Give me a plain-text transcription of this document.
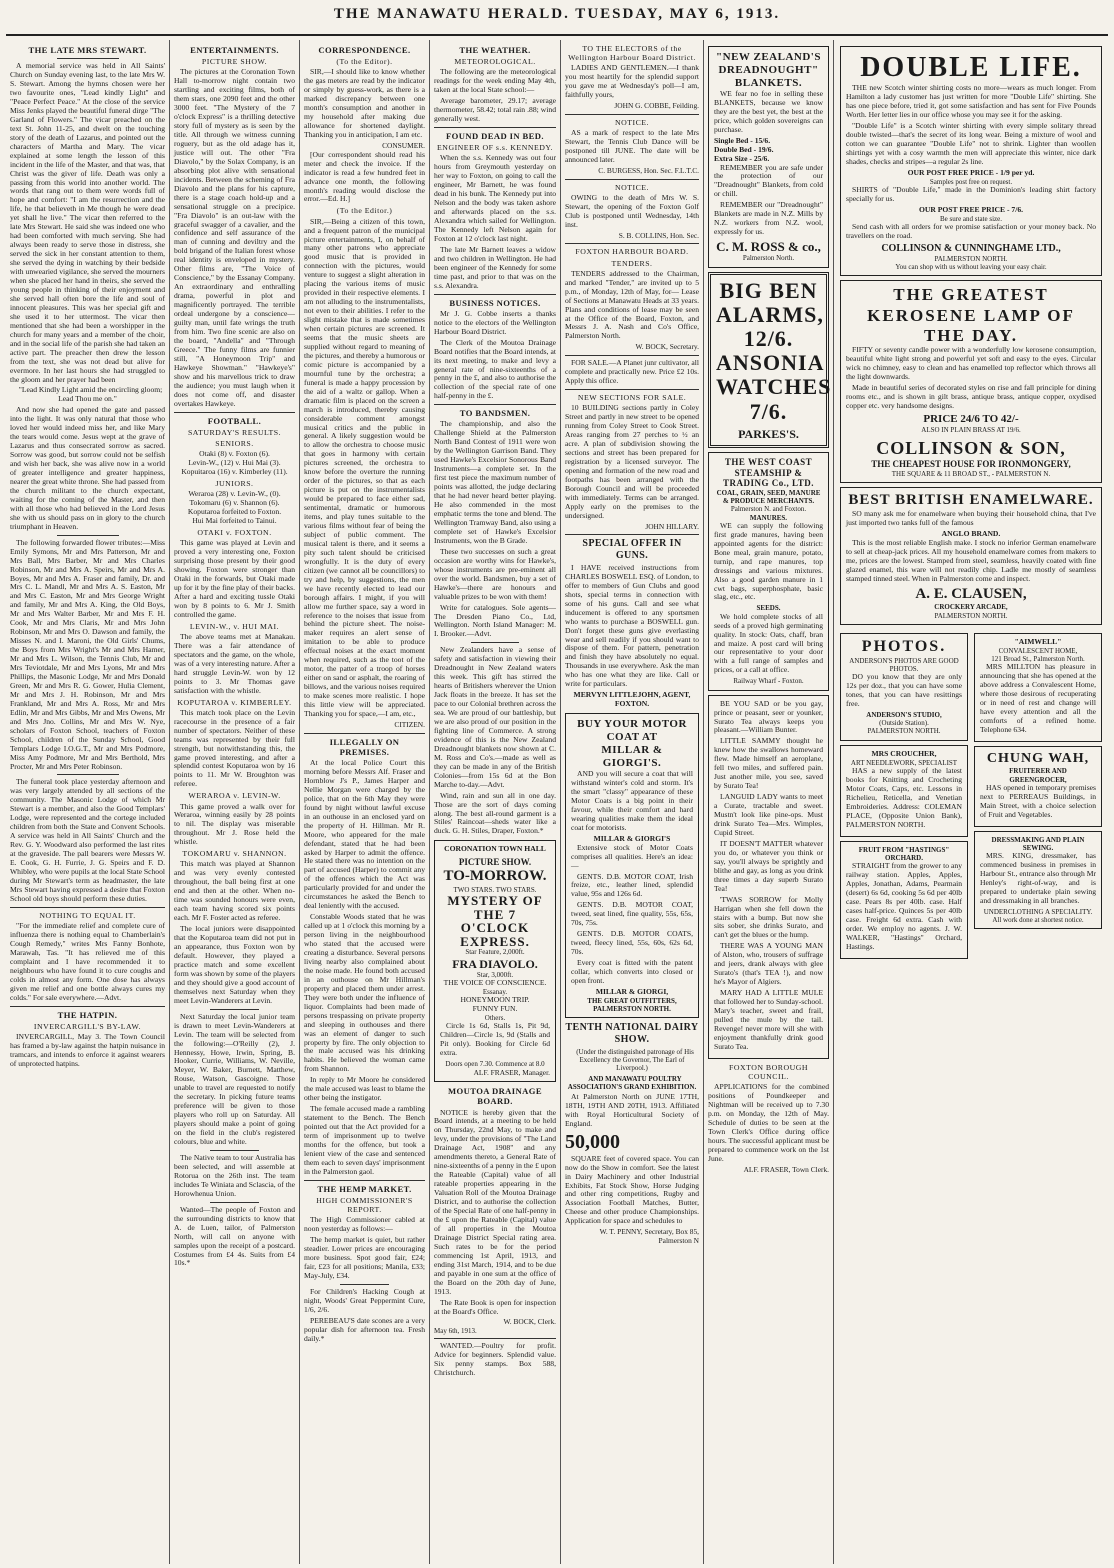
THE MANAWATU HERALD. TUESDAY, MAY 6, 1913.
THE LATE MRS STEWART.

A memorial service was held in All Saints' Church on Sunday evening last, to the late Mrs W. S. Stewart. Among the hymns chosen were her two favourite ones, "Lead kindly Light" and "Peace Perfect Peace." At the close of the service Miss Jenks played the beautiful funeral dirge "The Garland of Flowers." The vicar preached on the text St. John 11-25, and dwelt on the touching story of the death of Lazarus, and pointed out the characters of Martha and Mary. The vicar explained at some length the lesson of this incident in the life of the Master, and that was, that Christ was the giver of life. Death was only a passing from this world into another world. The words that rang out to them were words full of hope and comfort: "I am the resurrection and the life, he that believeth in Me though he were dead yet shall he live." The vicar then referred to the late Mrs Stewart. He said she was indeed one who had been comforted with much serving. She had always been ready to serve those in distress, she served the sick in her constant attention to them, she served the dying in watching by their bedside with unwearied vigilance, she served the mourners when she placed her hand in theirs, she served the young people in thinking of their enjoyment and she served hall often bore the life and soul of innocent pleasures. This was her special gift and she used it to her uttermost. The vicar then mentioned that she had been a worshipper in the church for many years and a member of the choir, and in the social life of the parish she had taken an active part. The preacher then drew the lesson from the text, she was not dead but alive for evermore. In her last hours she had struggled to the gloom and her prayer had been

"Lead Kindly Light amid the encircling gloom; Lead Thou me on."

And now she had opened the gate and passed into the light. It was only natural that those who loved her would indeed miss her, and like Mary the tears would come. Jesus wept at the grave of Lazarus and thus consecrated sorrow as sacred. Sorrow was good, but sorrow could not be selfish and wish her back, she was alive now in a world of greater intelligence and greater happiness, nearer the great white throne. She had passed from the church militant to the church expectant, waiting for the coming of the Master, and then with all those who had believed in the Lord Jesus she with us should pass on in glory to the church triumphant in Heaven.

The following forwarded flower tributes:—Miss Emily Symons, Mr and Mrs Patterson, Mr and Mrs Ball, Mrs Barber, Mr and Mrs Charles Robinson, Mr and Mrs A. Speirs, Mr and Mrs A. Boyes, Mr and Mrs A. Fraser and family, Dr. and Mrs C. L. Mandl, Mr and Mrs A. S. Easton, Mr and Mrs C. Easton, Mr and Mrs George Wright and family, Mr and Mrs A. King, the Old Boys, Mr and Mrs Walter Barber, Mr and Mrs F. H. Cook, Mr and Mrs Claris, Mr and Mrs John Robinson, Mr and Mrs O. Dawson and family, the Misses N. and I. Maroni, the Old Girls' Chums, the Boys from Mrs Wright's Mr and Mrs Hamer, Mr and Mrs L. Wilson, the Tennis Club, Mr and Mrs Teviotdale, Mr and Mrs Lyons, Mr and Mrs Phillips, the Masonic Lodge, Mr and Mrs Donald Green, Mr and Mrs R. G. Gower, Hulia Clement, Mr and Mrs J. H. Robinson, Mr and Mrs Frankland, Mr and Mrs A. Ross, Mr and Mrs Edlin, Mr and Mrs Gibbs, Mr and Mrs Owens, Mr and Mrs Jno. Collins, Mr and Mrs W. Nye, scholars of Foxton School, teachers of Foxton School, children of the Sunday School, Good Templars Lodge I.O.G.T., Mr and Mrs Podmore, Miss Amy Podmore, Mr and Mrs Berthold, Mrs Procter, Mr and Mrs Peter Robinson.

The funeral took place yesterday afternoon and was very largely attended by all sections of the community. The Masonic Lodge of which Mr Stewart is a member, and also the Good Templars' Lodge, were represented and the cortege included children from both the State and Convent Schools. A service was held in All Saints' Church and the Rev. G. Y. Woodward also performed the last rites at the graveside. The pall bearers were Messrs W. E. Cook, G. H. Furrie, J. G. Speirs and F. D. Whibley, who were pupils at the local State School during Mr Stewart's term as headmaster, the late Mrs Stewart having expressed a desire that Foxton School old boys should perform these duties.

NOTHING TO EQUAL IT.

"For the immediate relief and complete cure of influenza there is nothing equal to Chamberlain's Cough Remedy," writes Mrs Fanny Bonhote, Marawah, Tas. "It has relieved me of this complaint and I have recommended it to neighbours who have found it to cure coughs and colds in almost any form. One dose has always given me relief and one bottle always cures my colds." For sale everywhere.—Advt.

THE HATPIN.
INVERCARGILL'S BY-LAW.

INVERCARGILL, May 3. The Town Council has framed a by-law against the hatpin nuisance in tramcars, and intends to enforce it against wearers of unprotected hatpins.

ENTERTAINMENTS.
PICTURE SHOW.

The pictures at the Coronation Town Hall to-morrow night contain two startling and exciting films, both of them stars, one 2090 feet and the other 3000 feet. "The Mystery of the 7 o'clock Express" is a thrilling detective story full of mystery as is seen by the title. All through we witness cunning roguery, but as the old adage has it, justice will out. The other "Fra Diavolo," by the Solax Company, is an absorbing plot alive with sensational incidents. Between the scheming of Fra Diavolo and the plans for his capture, there is a stage coach hold-up and a sensational struggle on a precipice. "Fra Diavolo" is an out-law with the graceful swagger of a cavalier, and the confidence and self assurance of the man of cunning and deviltry and the bold brigand of the Italian forest whose real identity is enveloped in mystery. Other films are, "The Voice of Conscience," by the Essanay Company. An extraordinary and enthralling drama, powerful in plot and magnificently portrayed. The terrible ordeal undergone by a conscience—guilty man, until fate wrings the truth from him. Two fine scenic are also on the board, "Andella" and "Through Greece." The funny films are funnier still, "A Honeymoon Trip" and Hawkeye Showman." "Hawkeye's" show and his marvellous trick to draw the audience; you must laugh when it does not come off, and disaster overtakes Hawkeye.

FOOTBALL.
SATURDAY'S RESULTS.
SENIORS.
Otaki (8) v. Foxton (6).
Levin-W., (12) v. Hui Mai (3).
Kopuitaroa (16) v. Kimberley (11).
JUNIORS.
Weraroa (28) v. Levin-W., (0).
Tokomaru (6) v. Shannon (6).
Koputaroa forfeited to Foxton.
Hui Mai forfeited to Tainui.
OTAKI v. FOXTON.

This game was played at Levin and proved a very interesting one, Foxton surprising those present by their good showing. Foxton were stronger than Otaki in the forwards, but Otaki made up for it by the fine play of their backs. After a hard and exciting tussle Otaki won by 8 points to 6. Mr J. Smith controlled the game.

LEVIN-W., v. HUI MAI.

The above teams met at Manakau. There was a fair attendance of spectators and the game, on the whole, was of a very interesting nature. After a hard struggle Levin-W. won by 12 points to 3. Mr Thomas gave satisfaction with the whistle.

KOPUTAROA v. KIMBERLEY.

This match took place on the Levin racecourse in the presence of a fair number of spectators. Neither of these teams was represented by their full strength, but notwithstanding this, the game proved interesting, and after a splendid contest Koputaroa won by 16 points to 11. Mr W. Broughton was referee.

WERAROA v. LEVIN-W.

This game proved a walk over for Weraroa, winning easily by 28 points to nil. The display was miserable throughout. Mr J. Rose held the whistle.

TOKOMARU v. SHANNON.

This match was played at Shannon and was very evenly contested throughout, the ball being first at one end and then at the other. When no-time was sounded honours were even, each team having scored six points each. Mr F. Foster acted as referee.

The local juniors were disappointed that the Koputaroa team did not put in an appearance, thus Foxton won by default. However, they played a practice match and some excellent form was shown by some of the players and they should give a good account of themselves next Saturday when they meet Levin-Wanderers at Levin.

Next Saturday the local junior team is drawn to meet Levin-Wanderers at Levin. The team will be selected from the following:—O'Reilly (2), J. Hennessy, Howe, Irwin, Spring, B. Hooker, Currie, Williams, W. Neville, Meyer, W. Baker, Burnett, Matthew, Rouse, Watson, Gascoigne. Those unable to travel are requested to notify the secretary. In picking future teams preference will be given to those players who roll up on Saturday. All players should make a point of going on the field in the club's registered colours, blue and white.

The Native team to tour Australia has been selected, and will assemble at Rotorua on the 26th inst. The team includes Te Winiata and Sclascia, of the Horowhenua Union.

Wanted—The people of Foxton and the surrounding districts to know that A. de Luen, tailor, of Palmerston North, will call on anyone with samples upon the receipt of a postcard. Costumes from £4 4s. Suits from £4 10s.*

CORRESPONDENCE.
(To the Editor).

SIR,—I should like to know whether the gas meters are read by the indicator or simply by guess-work, as there is a marked discrepancy between one month's consumption and another in my household after making due allowance for shortened daylight. Thanking you in anticipation, I am etc.

CONSUMER.

[Our correspondent should read his meter and check the invoice. If the indicator is read a few hundred feet in advance one month, the following month's reading would disclose the error.—Ed. H.]

(To the Editor.)

SIR,—Being a citizen of this town, and a frequent patron of the municipal picture entertainments, I, on behalf of many other patrons who appreciate good music that is provided in connection with the pictures, would venture to suggest a slight alteration in placing the various items of music provided in their respective elements. I am not alluding to the instrumentalists, not even to their abilities. I refer to the slight mistake that is made sometimes when certain pictures are screened. It seems that the music sheets are supplied without regard to meaning of the pictures, and thereby a humorous or comic picture is accompanied by a mournful tune by the orchestra; a funeral is made a happy procession by the aid of a waltz or gallop. When a dramatic film is placed on the screen a march is introduced, thereby causing considerable comment amongst musical critics and the public in general. A likely suggestion would be to allow the orchestra to choose music that goes in harmony with certain pictures screened, the orchestra to know before the overture the running order of the pictures, so that as each picture is put on the instrumentalists would be prepared to face either sad, sentimental, dramatic or humorous items, and play tunes suitable to the various films without fear of being the subject of public comment. The musical talent is there, and it seems a pity such talent should be criticised wrongfully. It is the duty of every citizen (we cannot all be councillors) to try and help, by suggestions, the men we have recently elected to lead our borough affairs. I might, if you will allow me further space, say a word in reference to the noises that issue from behind the picture sheet. The noise-maker requires an alert sense of imitation to be able to produce effectual noises at the exact moment when required, such as the toot of the motor, the patter of a troop of horses either on sand or asphalt, the roaring of billows, and the various noises required to make scenes more realistic. I hope this little view will be appreciated. Thanking you for space,—I am, etc.,

CITIZEN.
ILLEGALLY ON PREMISES.

At the local Police Court this morning before Messrs Alf. Fraser and Hornblow J's P., James Harper and Nellie Morgan were charged by the police, that on the 6th May they were found by night without lawful excuse in an outhouse in an enclosed yard on the property of H. Hillman. Mr R. Moore, who appeared for the male defendant, stated that he had been asked by Harper to admit the offence. He stated there was no intention on the part of accused (Harper) to commit any of the offences which the Act was particularly provided for and under the circumstances he asked the Bench to deal leniently with the accused.

Constable Woods stated that he was called up at 1 o'clock this morning by a person living in the neighbourhood who stated that the accused were creating a disturbance. Several persons living nearby also complained about the noise made. He found both accused in an outhouse on Mr Hillman's property and placed them under arrest. They were both under the influence of liquor. Complaints had been made of persons trespassing on private property and sleeping in outhouses and there was an element of danger to such property by fire. The only objection to the male accused was his drinking habits. He believed the woman came from Shannon.

In reply to Mr Moore he considered the male accused was least to blame the other being the instigator.

The female accused made a rambling statement to the Bench. The Bench pointed out that the Act provided for a term of imprisonment up to twelve months for the offence, but took a lenient view of the case and sentenced them each to seven days' imprisonment in the Palmerston gaol.

THE HEMP MARKET.
HIGH COMMISSIONER'S REPORT.

The High Commissioner cabled at noon yesterday as follows:—

The hemp market is quiet, but rather steadier. Lower prices are encouraging more business. Spot good fair, £24; fair, £23 for all positions; Manila, £33; May-July, £34.

For Children's Hacking Cough at night, Woods' Great Peppermint Cure, 1/6, 2/6.

PEREBEAU'S date scones are a very popular dish for afternoon tea. Fresh daily.*

THE WEATHER.
METEOROLOGICAL.

The following are the meteorological readings for the week ending May 4th, taken at the local State school:—

Average barometer, 29.17; average thermometer, 58.42; total rain .88; wind generally west.

FOUND DEAD IN BED.
ENGINEER OF s.s. KENNEDY.

When the s.s. Kennedy was out four hours from Greymouth yesterday on her way to Foxton, on going to call the engineer, Mr Barnett, he was found dead in his bunk. The Kennedy put into Nelson and the body was taken ashore and afterwards placed on the s.s. Alexandra which sailed for Wellington. The Kennedy left Nelson again for Foxton at 12 o'clock last night.

The late Mr Barnett leaves a widow and two children in Wellington. He had been engineer of the Kennedy for some time past, and prior to that was on the s.s. Alexandra.

BUSINESS NOTICES.

Mr J. G. Cobbe inserts a thanks notice to the electors of the Wellington Harbour Board District.

The Clerk of the Moutoa Drainage Board notifies that the Board intends, at its next meeting, to make and levy a general rate of nine-sixteenths of a penny in the £, and also to authorise the collection of the special rate of one half-penny in the £.

TO BANDSMEN.

The championship, and also the Challenge Shield at the Palmerston North Band Contest of 1911 were won by the Wellington Garrison Band. They used Hawke's Excelsior Sonorous Band Instruments—a complete set. In the first test piece the maximum number of points was allotted, the judge declaring that he had never heard better playing. He also commended in the most emphatic terms the tone and blend. The Wellington Tramway Band, also using a complete set of Hawke's Excelsior Instruments, won the B Grade.

These two successes on such a great occasion are worthy wins for Hawke's, whose instruments are pre-eminent all over the world. Bandsmen, buy a set of Hawke's—there are honours and valuable prizes to be won with them!

Write for catalogues. Sole agents—The Dresden Piano Co., Ltd, Wellington. North Island Manager: M. I. Brooker.—Advt.

New Zealanders have a sense of safety and satisfaction in viewing their Dreadnought in New Zealand waters this week. This gift has stirred the hearts of Britishers wherever the Union Jack floats in the breeze. It has set the pace to our Colonial brethren across the sea. We are proud of our battleship, but we are also proud of our position in the fighting line of Commerce. A strong evidence of this is the New Zealand Dreadnought blankets now shown at C. M. Ross and Co's.—made as well as they can be made in any of the British Colonies—from 15s 6d at the Bon Marche to-day.—Advt.

Wind, rain and sun all in one day. Those are the sort of days coming along. The best all-round garment is a Stiles' Raincoat—sheds water like a duck. G. H. Stiles, Draper, Foxton.*

CORONATION TOWN HALL
PICTURE SHOW.
TO-MORROW.
TWO STARS. TWO STARS.
MYSTERY OF THE 7 O'CLOCK EXPRESS.
Star Feature, 2,000ft.
FRA DIAVOLO.
Star, 3,000ft.
THE VOICE OF CONSCIENCE.
Essanay.
HONEYMOON TRIP.
FUNNY FUN.
Others.

Circle 1s 6d, Stalls 1s, Pit 9d, Children—Circle 1s, 9d (Stalls and Pit only). Booking for Circle 6d extra.

Doors open 7.30. Commence at 8.0
ALF. FRASER, Manager.
MOUTOA DRAINAGE BOARD.

NOTICE is hereby given that the Board intends, at a meeting to be held on Thursday, 22nd May, to make and levy, under the provisions of "The Land Drainage Act, 1908" and any amendments thereto, a General Rate of nine-sixteenths of a penny in the £ upon the Rateable (Capital) value of all rateable properties appearing in the Valuation Roll of the Moutoa Drainage District, and to authorise the collection of the Special Rate of one half-penny in the £ upon the Rateable (Capital) value of all properties in the Moutoa Drainage District Special rating area. Such rates to be for the period commencing 1st April, 1913, and ending 31st March, 1914, and to be due and payable in one sum at the office of the Board on the 20th day of June, 1913.

The Rate Book is open for inspection at the Board's Office.

W. BOCK, Clerk.
May 6th, 1913.

WANTED.—Poultry for profit. Advice for beginners. Splendid value. Six penny stamps. Box 588, Christchurch.

TO THE ELECTORS of the Wellington Harbour Board District.

LADIES AND GENTLEMEN.—I thank you most heartily for the splendid support you gave me at Wednesday's poll—I am, faithfully yours,

JOHN G. COBBE, Feilding.
NOTICE.

AS a mark of respect to the late Mrs Stewart, the Tennis Club Dance will be postponed till JUNE. The date will be announced later.

C. BURGESS, Hon. Sec. F.L.T.C.
NOTICE.

OWING to the death of Mrs W. S. Stewart, the opening of the Foxton Golf Club is postponed until Wednesday, 14th inst.

S. B. COLLINS, Hon. Sec.
FOXTON HARBOUR BOARD.
TENDERS.

TENDERS addressed to the Chairman, and marked "Tender," are invited up to 5 p.m., of Monday, 12th of May, for— Lease of Sections at Manawatu Heads at 33 years. Plans and conditions of lease may be seen at the Office of the Board, Foxton, and Messrs J. A. Nash and Co's Office, Palmerston North.

W. BOCK, Secretary.

FOR SALE.—A Planet junr cultivator, all complete and practically new. Price £2 10s. Apply this office.

NEW SECTIONS FOR SALE.

10 BUILDING sections partly in Coley Street and partly in new street to be opened running from Coley Street to Cook Street. Areas ranging from 27 perches to ½ an acre. A plan of subdivision showing the sections and street has been prepared for registration by a licensed surveyor. The opening and formation of the new road and footpaths has been arranged with the Borough Council and will be proceeded with immediately. Terms can be arranged. Apply early on the premises to the undersigned.

JOHN HILLARY.
SPECIAL OFFER IN GUNS.

I HAVE received instructions from CHARLES BOSWELL ESQ. of London, to offer to members of Gun Clubs and good shots, special terms in connection with some of his guns. Call and see what inducement is offered to any sportsmen who wants to purchase a BOSWELL gun. Don't forget these guns give everlasting wear and sell readily if you should want to dispose of them. For pattern, penetration and finish they have absolutely no equal. Thousands in use everywhere. Ask the man who has one what they are like. Call or write for particulars.

MERVYN LITTLEJOHN, AGENT, FOXTON.
BUY YOUR MOTOR COAT AT
MILLAR & GIORGI'S.

AND you will secure a coat that will withstand winter's cold and storm. It's the smart "classy" appearance of these Motor Coats is a big point in their favour, while their comfort and hard wearing qualities make them the ideal coat for motorists.

MILLAR & GIORGI'S

Extensive stock of Motor Coats comprises all qualities. Here's an idea:—

GENTS. D.B. MOTOR COAT, Irish freize, etc., leather lined, splendid value, 95s and 126s 6d.

GENTS. D.B. MOTOR COAT, tweed, seat lined, fine quality, 55s, 65s, 70s, 75s.

GENTS. D.B. MOTOR COATS, tweed, fleecy lined, 55s, 60s, 62s 6d, 70s.

Every coat is fitted with the patent collar, which converts into closed or open front.

MILLAR & GIORGI,
THE GREAT OUTFITTERS,
PALMERSTON NORTH.
TENTH NATIONAL DAIRY SHOW.

(Under the distinguished patronage of His Excellency the Governor, The Earl of Liverpool.)

AND MANAWATU POULTRY ASSOCIATION'S GRAND EXHIBITION.

At Palmerston North on JUNE 17TH, 18TH, 19TH AND 20TH, 1913. Affiliated with Royal Horticultural Society of England.

50,000

SQUARE feet of covered space. You can now do the Show in comfort. See the latest in Dairy Machinery and other Industrial Exhibits, Fat Stock Show, Horse Judging and other ring competitions, Rugby and Association Football Matches, Butter, Cheese and other produce Championships. Application for space and schedules to

W. T. PENNY, Secretary, Box 85, Palmerston N
"NEW ZEALAND'S DREADNOUGHT" BLANKETS.

WE fear no foe in selling these BLANKETS, because we know they are the best yet, the best at the price, which golden sovereigns can purchase.

Single Bed - 15/6.
Double Bed - 19/6.
Extra Size - 25/6.

REMEMBER you are safe under the protection of our "Dreadnought" Blankets, from cold or chill.

REMEMBER our "Dreadnought" Blankets are made in N.Z. Mills by N.Z. workers from N.Z. wool, expressly for us.

C. M. ROSS & co.,
Palmerston North.
BIG BEN
ALARMS,
12/6.
ANSONIA
WATCHES
7/6.
PARKES'S.
THE WEST COAST STEAMSHIP & TRADING Co., LTD.
COAL, GRAIN, SEED, MANURE & PRODUCE MERCHANTS.
Palmerston N. and Foxton.
MANURES.

WE can supply the following first grade manures, having been appointed agents for the district: Bone meal, grain manure, potato, turnip, and rape manures, top dressings and various mixtures. Also a good garden manure in 1 cwt bags, superphosphate, basic slag, etc., etc.

SEEDS.

We hold complete stocks of all seeds of a proved high germinating quality. In stock: Oats, chaff, bran and maize. A post card will bring our representative to your door with a full range of samples and prices, or a call at office.

Railway Wharf - Foxton.

BE YOU SAD or be you gay, prince or peasant, seer or younker, Surato Tea always keeps you pleasant.—William Bunter.

LITTLE SAMMY thought he knew how the swallows homeward flew. Made himself an aeroplane, fell two miles, and suffered pain. Just another mile, you see, saved by Surato Tea!

LANGUID LADY wants to meet a Curate, tractable and sweet. Mustn't look like pine-ops. Must drink Surato Tea—Mrs. Wimples, Cupid Street.

IT DOESN'T MATTER whatever you do, or whatever you think or say, you'll always be sprightly and blithe and gay, as long as you drink three times a day superb Surato Tea!

'TWAS SORROW for Molly Harrigan when she fell down the stairs with a bump. But now she sits sober, she drinks Surato, and can't get the blues or the hump.

THERE WAS A YOUNG MAN of Alston, who, trousers of suffrage and jeers, drank always with glee Surato's (that's TEA !), and now he's Mayor of Algiers.

MARY HAD A LITTLE MULE that followed her to Sunday-school. Mary's teacher, sweet and frail, pulled the mule by the tail. Revenge! never more will she with enjoyment thankfully drink good Surato Tea.

FOXTON BOROUGH COUNCIL.

APPLICATIONS for the combined positions of Poundkeeper and Nightman will be received up to 7.30 p.m. on Monday, the 12th of May. Schedule of duties to be seen at the Town Clerk's Office during office hours. The successful applicant must be prepared to commence work on the 1st June.

ALF. FRASER, Town Clerk.
DOUBLE LIFE.

THE new Scotch winter shirting costs no more—wears as much longer. From Hamilton a lady customer has just written for more "Double Life" shirting. She has one piece before, tried it, got some satisfaction and has sent for Five Pounds Worth. Her letter lies in our office whose you may see it for the asking.

"Double Life" is a Scotch winter shirting with every simple solitary thread double twisted—that's the secret of its long wear. Being a mixture of wool and cotton we can guarantee "Double Life" not to shrink. Lighter than woollen shirtings yet with a cosy warmth the men will appreciate this winter, nice dark shades, checks and stripes—a regular 2s line.

OUR POST FREE PRICE - 1/9 per yd.
Samples post free on request.

SHIRTS of "Double Life," made in the Dominion's leading shirt factory specially for us.

OUR POST FREE PRICE - 7/6.
Be sure and state size.

Send cash with all orders for we promise satisfaction or your money back. No travellers on the road.

COLLINSON & CUNNINGHAME LTD.,
PALMERSTON NORTH.
You can shop with us without leaving your easy chair.
THE GREATEST KEROSENE LAMP OF THE DAY.

FIFTY or seventy candle power with a wonderfully low kerosene consumption, beautiful white light strong and powerful yet soft and easy to the eyes. Circular wick no chimney, easy to clean and has enamelled top reflector which throws all the light downwards.

Made in beautiful series of decorated styles on rise and fall principle for dining rooms etc., and is shown in gilt brass, antique brass, antique copper, oxydised copper etc. very handsome designs.

PRICE 24/6 TO 42/-
ALSO IN PLAIN BRASS AT 19/6.
COLLINSON & SON,
THE CHEAPEST HOUSE FOR IRONMONGERY,
THE SQUARE & 11 BROAD ST., - PALMERSTON N.
BEST BRITISH ENAMELWARE.

SO many ask me for enamelware when buying their household china, that I've just imported two tanks full of the famous

ANGLO BRAND.

This is the most reliable English make. I stock no inferior German enamelware to sell at cheap-jack prices. All my household enamelware comes from makers to me, prices are the lowest. Stamped from steel, seamless, heavily coated with fine glazed enamel, this ware will not readily chip. Ladle me mostly of seamless stamped tinned steel. When in Palmerston come and inspect.

A. E. CLAUSEN,
CROCKERY ARCADE,
PALMERSTON NORTH.
PHOTOS.
ANDERSON'S PHOTOS ARE GOOD PHOTOS.

DO you know that they are only 12s per doz., that you can have some tones, that you can have resittings free.

ANDERSON'S STUDIO,
(Outside Station).
PALMERSTON NORTH.
MRS CROUCHER,
ART NEEDLEWORK, SPECIALIST

HAS a new supply of the latest books for Knitting and Crocheting Motor Coats, Caps, etc. Lessons in Richelieu, Reticella, and Venetian Embroideries. Address: COLEMAN PLACE, (Opposite Union Bank), PALMERSTON NORTH.

FRUIT FROM "HASTINGS" ORCHARD.

STRAIGHT from the grower to any railway station. Apples, Apples, Apples, Jonathan, Adams, Pearmain (desert) 6s 6d, cooking 5s 6d per 40lb case. Pears 8s per 40lb. case. Half cases half-price. Quinces 5s per 40lb case. Freight 6d extra. Cash with order. We employ no agents. J. W. WALKER, "Hastings" Orchard, Hastings.

"AIMWELL"
CONVALESCENT HOME,
121 Broad St., Palmerston North.

MRS MILLTON has pleasure in announcing that she has opened at the above address a Convalescent Home, where those desirous of recuperating or in need of rest and change will have every attention and all the comforts of a refined home. Telephone 634.

CHUNG WAH,
FRUITERER AND GREENGROCER,

HAS opened in temporary premises next to PERREAUS Buildings, in Main Street, with a choice selection of Fruit and Vegetables.

DRESSMAKING AND PLAIN SEWING.

MRS. KING, dressmaker, has commenced business in premises in Harbour St., entrance also through Mr Henley's right-of-way, and is prepared to undertake plain sewing and dressmaking in all branches.

UNDERCLOTHING A SPECIALITY.
All work done at shortest notice.
